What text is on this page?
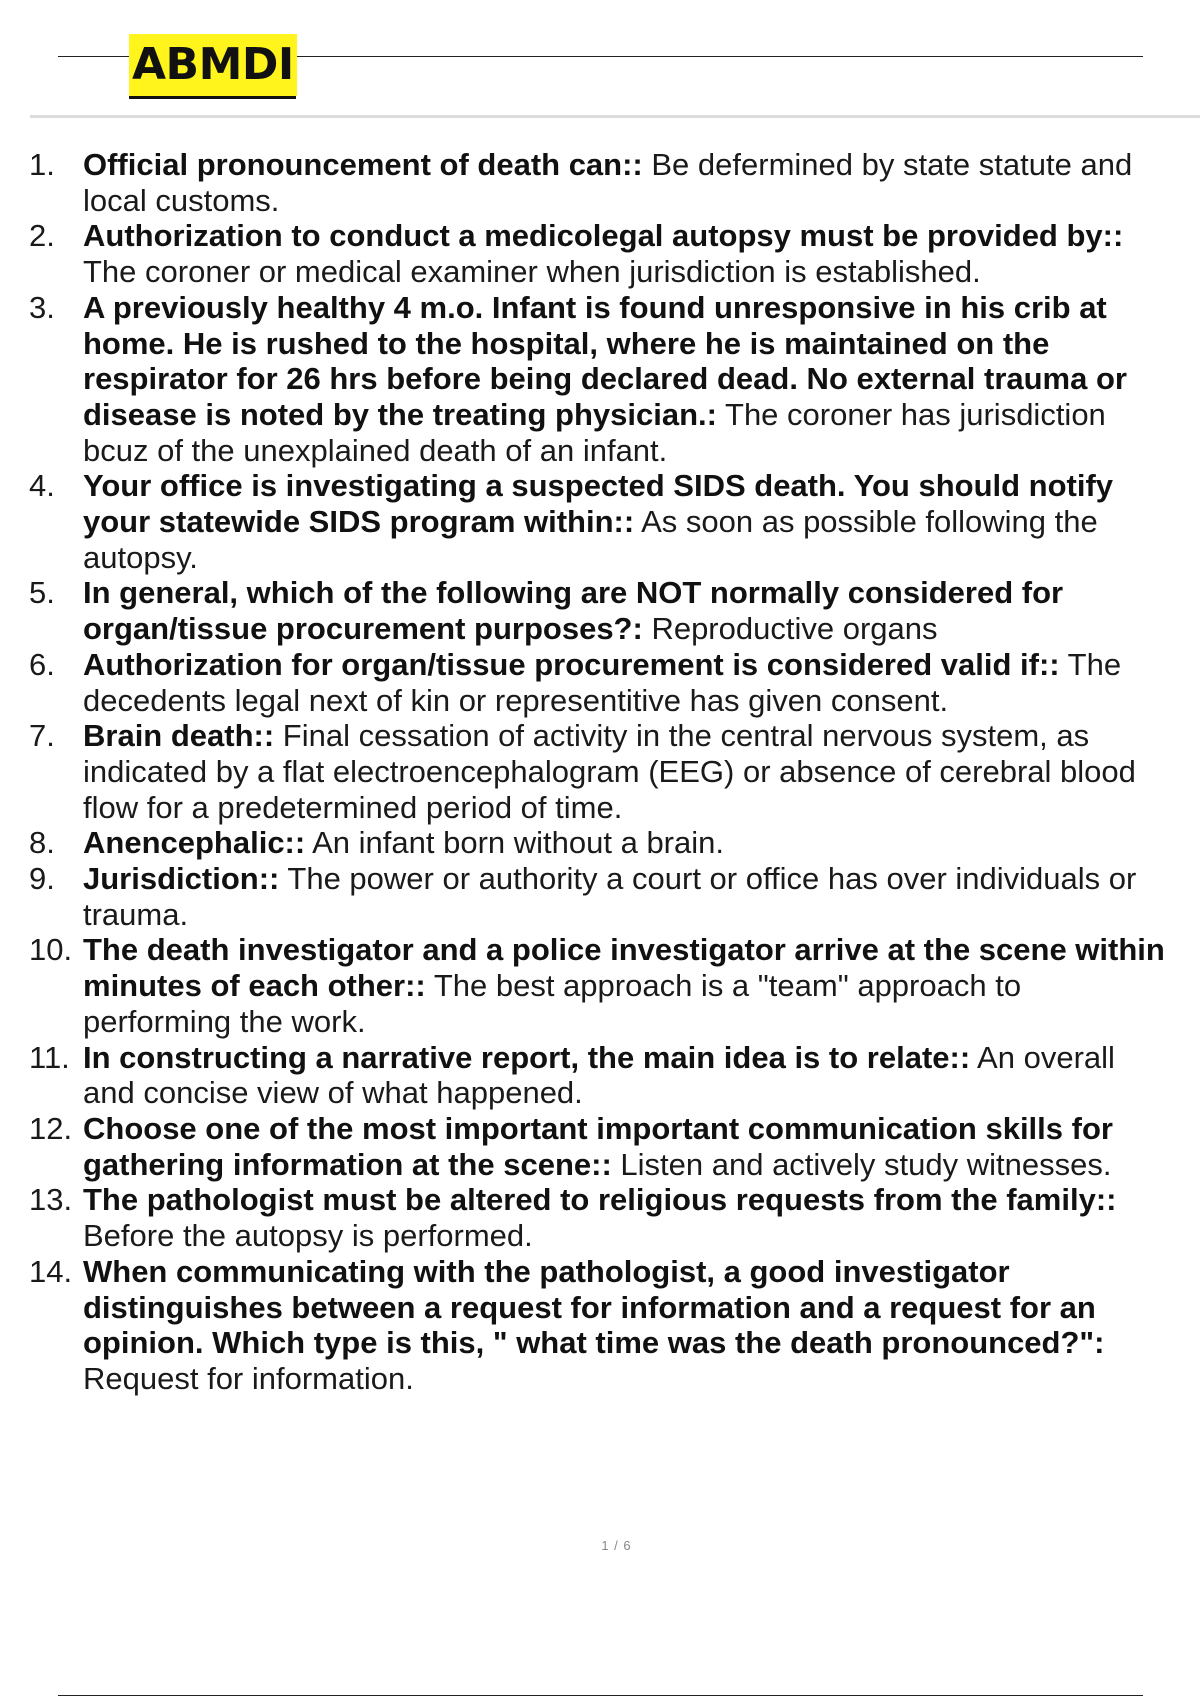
ABMDI
1. Official pronouncement of death can:: Be defermined by state statute and local customs.
2. Authorization to conduct a medicolegal autopsy must be provided by:: The coroner or medical examiner when jurisdiction is established.
3. A previously healthy 4 m.o. Infant is found unresponsive in his crib at home. He is rushed to the hospital, where he is maintained on the respirator for 26 hrs before being declared dead. No external trauma or disease is noted by the treating physician.: The coroner has jurisdiction bcuz of the unexplained death of an infant.
4. Your office is investigating a suspected SIDS death. You should notify your statewide SIDS program within:: As soon as possible following the autopsy.
5. In general, which of the following are NOT normally considered for organ/tissue procurement purposes?: Reproductive organs
6. Authorization for organ/tissue procurement is considered valid if:: The decedents legal next of kin or representitive has given consent.
7. Brain death:: Final cessation of activity in the central nervous system, as indicated by a flat electroencephalogram (EEG) or absence of cerebral blood flow for a predetermined period of time.
8. Anencephalic:: An infant born without a brain.
9. Jurisdiction:: The power or authority a court or office has over individuals or trauma.
10. The death investigator and a police investigator arrive at the scene within minutes of each other:: The best approach is a "team" approach to performing the work.
11. In constructing a narrative report, the main idea is to relate:: An overall and concise view of what happened.
12. Choose one of the most important important communication skills for gathering information at the scene:: Listen and actively study witnesses.
13. The pathologist must be altered to religious requests from the family:: Before the autopsy is performed.
14. When communicating with the pathologist, a good investigator distinguishes between a request for information and a request for an opinion. Which type is this, " what time was the death pronounced?": Request for information.
1 / 6
